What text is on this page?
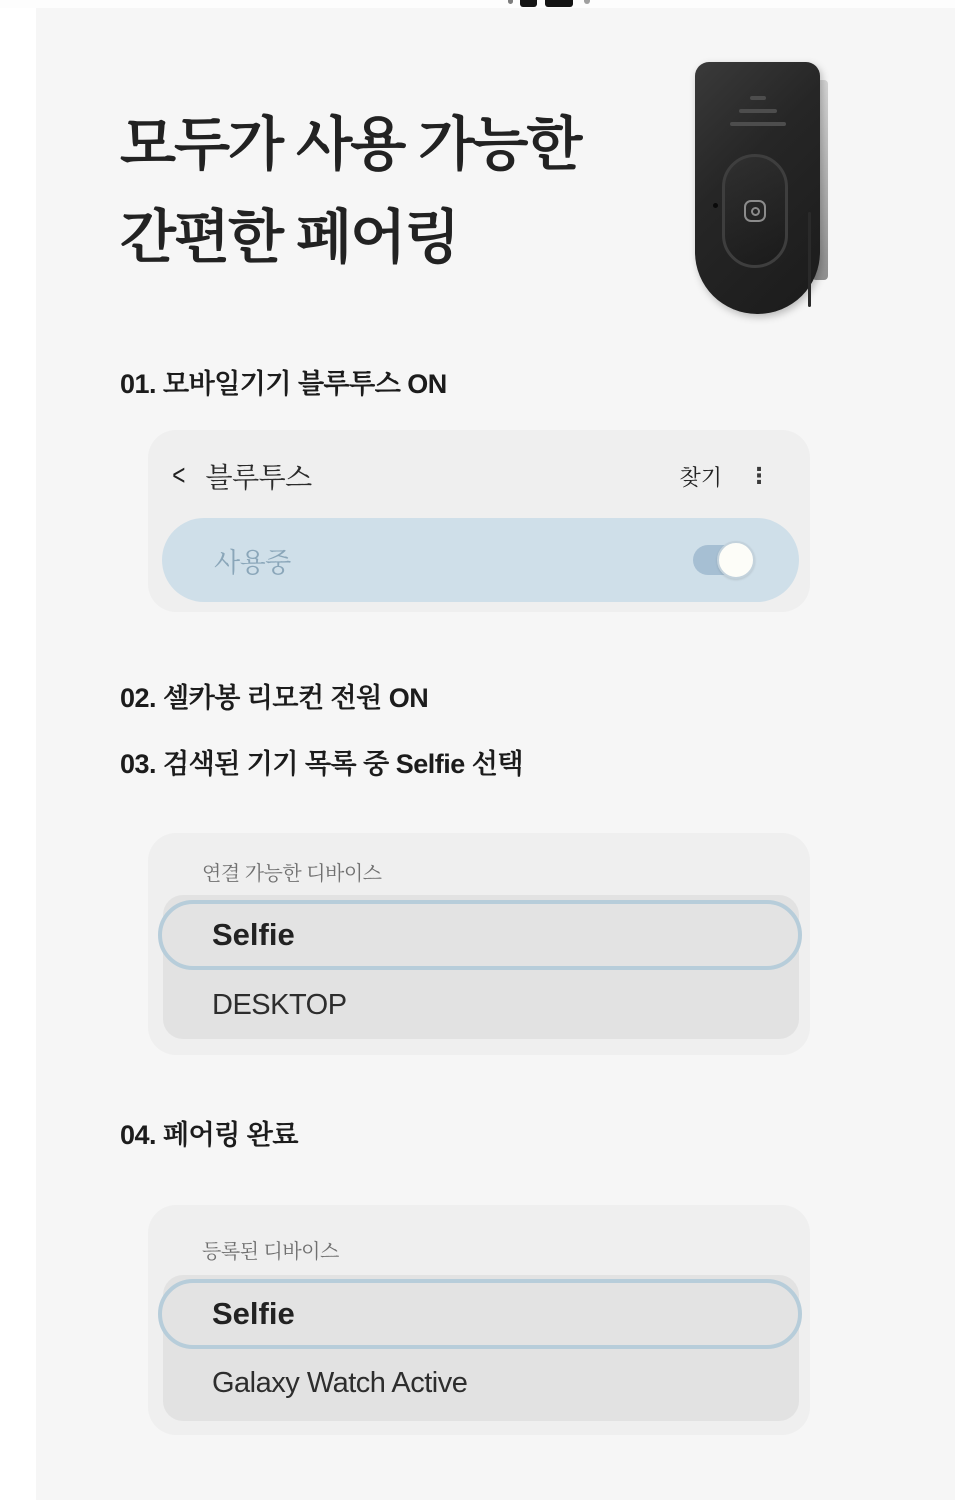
모두가 사용 가능한
간편한 페어링
01. 모바일기기 블루투스 ON
02. 셀카봉 리모컨 전원 ON
03. 검색된 기기 목록 중 Selfie 선택
04. 페어링 완료
< 블루투스	찾기 ⋮
사용중
연결 가능한 디바이스
Selfie
DESKTOP
등록된 디바이스
Selfie
Galaxy Watch Active
